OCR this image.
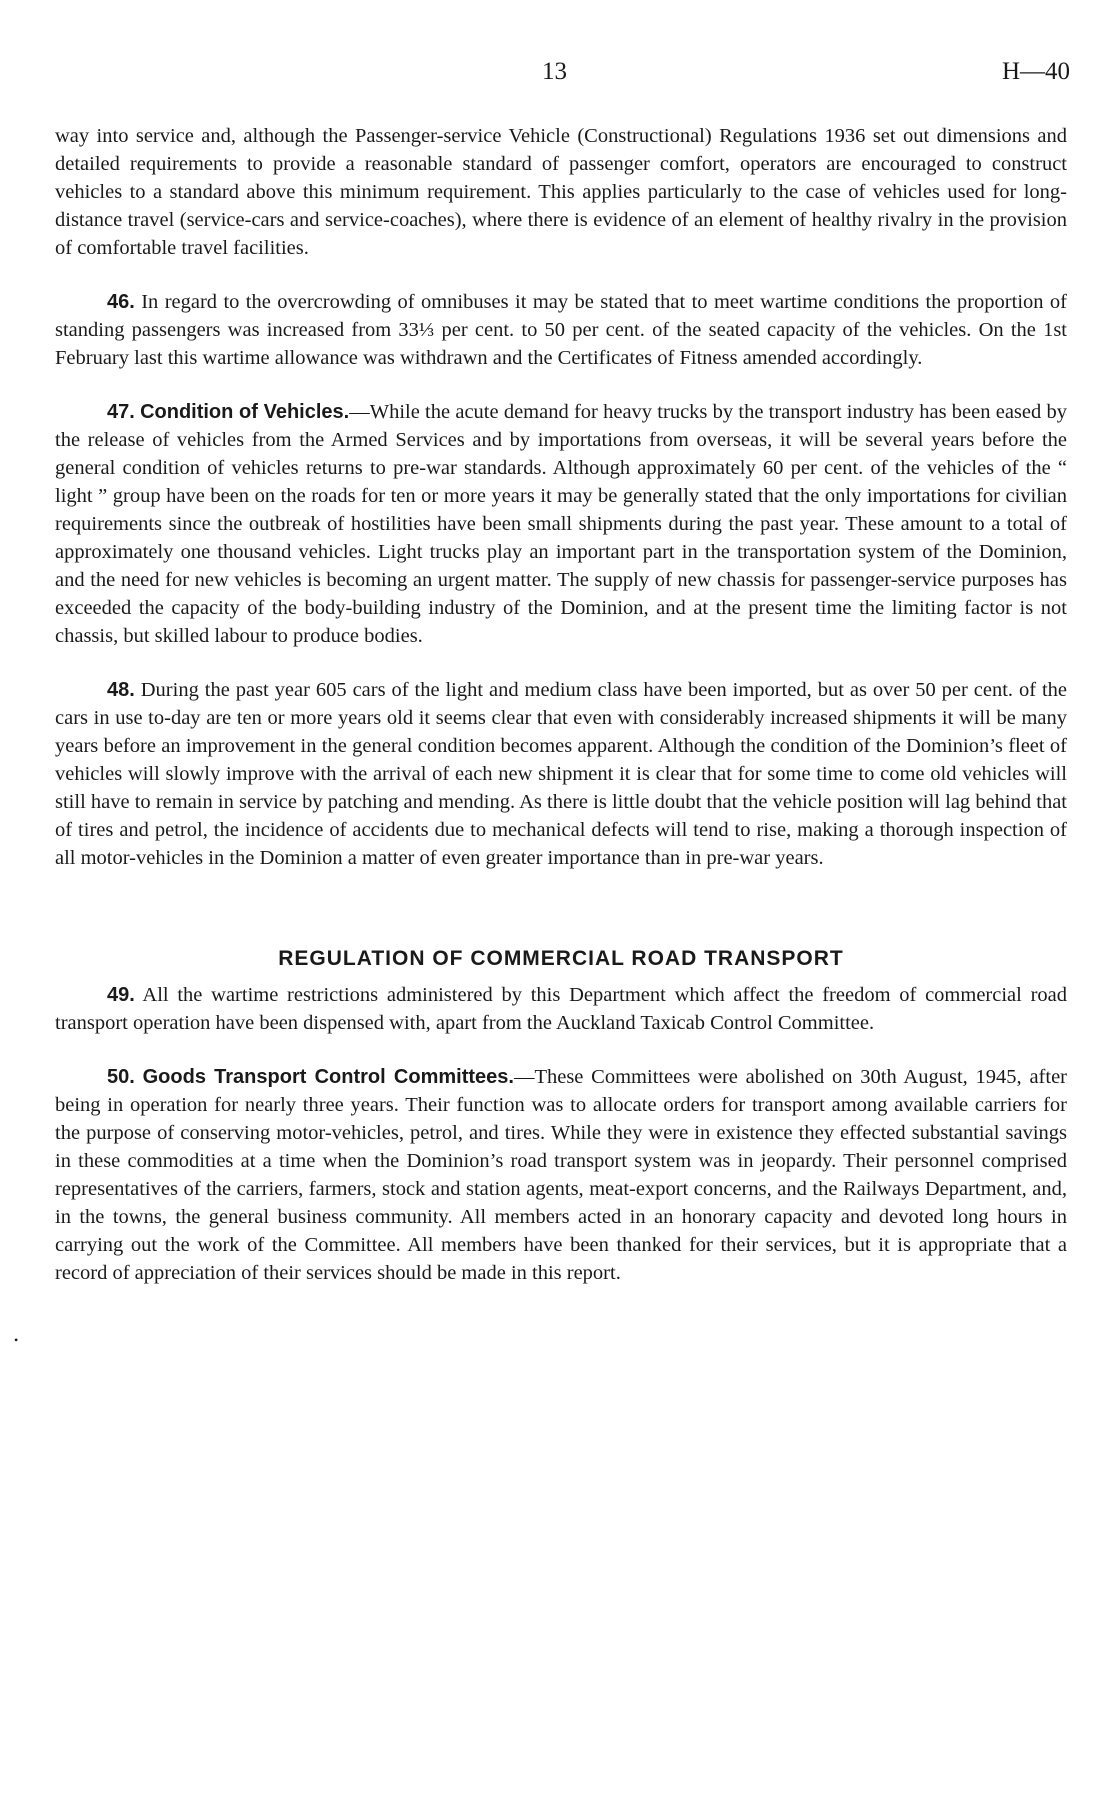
13	H—40

way into service and, although the Passenger-service Vehicle (Constructional) Regulations 1936 set out dimensions and detailed requirements to provide a reasonable standard of passenger comfort, operators are encouraged to construct vehicles to a standard above this minimum requirement. This applies particularly to the case of vehicles used for long-distance travel (service-cars and service-coaches), where there is evidence of an element of healthy rivalry in the provision of comfortable travel facilities.

46. In regard to the overcrowding of omnibuses it may be stated that to meet wartime conditions the proportion of standing passengers was increased from 33⅓ per cent. to 50 per cent. of the seated capacity of the vehicles. On the 1st February last this wartime allowance was withdrawn and the Certificates of Fitness amended accordingly.

47. Condition of Vehicles.—While the acute demand for heavy trucks by the transport industry has been eased by the release of vehicles from the Armed Services and by importations from overseas, it will be several years before the general condition of vehicles returns to pre-war standards. Although approximately 60 per cent. of the vehicles of the “ light ” group have been on the roads for ten or more years it may be generally stated that the only importations for civilian requirements since the outbreak of hostilities have been small shipments during the past year. These amount to a total of approximately one thousand vehicles. Light trucks play an important part in the transportation system of the Dominion, and the need for new vehicles is becoming an urgent matter. The supply of new chassis for passenger-service purposes has exceeded the capacity of the body-building industry of the Dominion, and at the present time the limiting factor is not chassis, but skilled labour to produce bodies.

48. During the past year 605 cars of the light and medium class have been imported, but as over 50 per cent. of the cars in use to-day are ten or more years old it seems clear that even with considerably increased shipments it will be many years before an improvement in the general condition becomes apparent. Although the condition of the Dominion’s fleet of vehicles will slowly improve with the arrival of each new shipment it is clear that for some time to come old vehicles will still have to remain in service by patching and mending. As there is little doubt that the vehicle position will lag behind that of tires and petrol, the incidence of accidents due to mechanical defects will tend to rise, making a thorough inspection of all motor-vehicles in the Dominion a matter of even greater importance than in pre-war years.

REGULATION OF COMMERCIAL ROAD TRANSPORT

49. All the wartime restrictions administered by this Department which affect the freedom of commercial road transport operation have been dispensed with, apart from the Auckland Taxicab Control Committee.

50. Goods Transport Control Committees.—These Committees were abolished on 30th August, 1945, after being in operation for nearly three years. Their function was to allocate orders for transport among available carriers for the purpose of conserving motor-vehicles, petrol, and tires. While they were in existence they effected substantial savings in these commodities at a time when the Dominion’s road transport system was in jeopardy. Their personnel comprised representatives of the carriers, farmers, stock and station agents, meat-export concerns, and the Railways Department, and, in the towns, the general business community. All members acted in an honorary capacity and devoted long hours in carrying out the work of the Committee. All members have been thanked for their services, but it is appropriate that a record of appreciation of their services should be made in this report.

•
